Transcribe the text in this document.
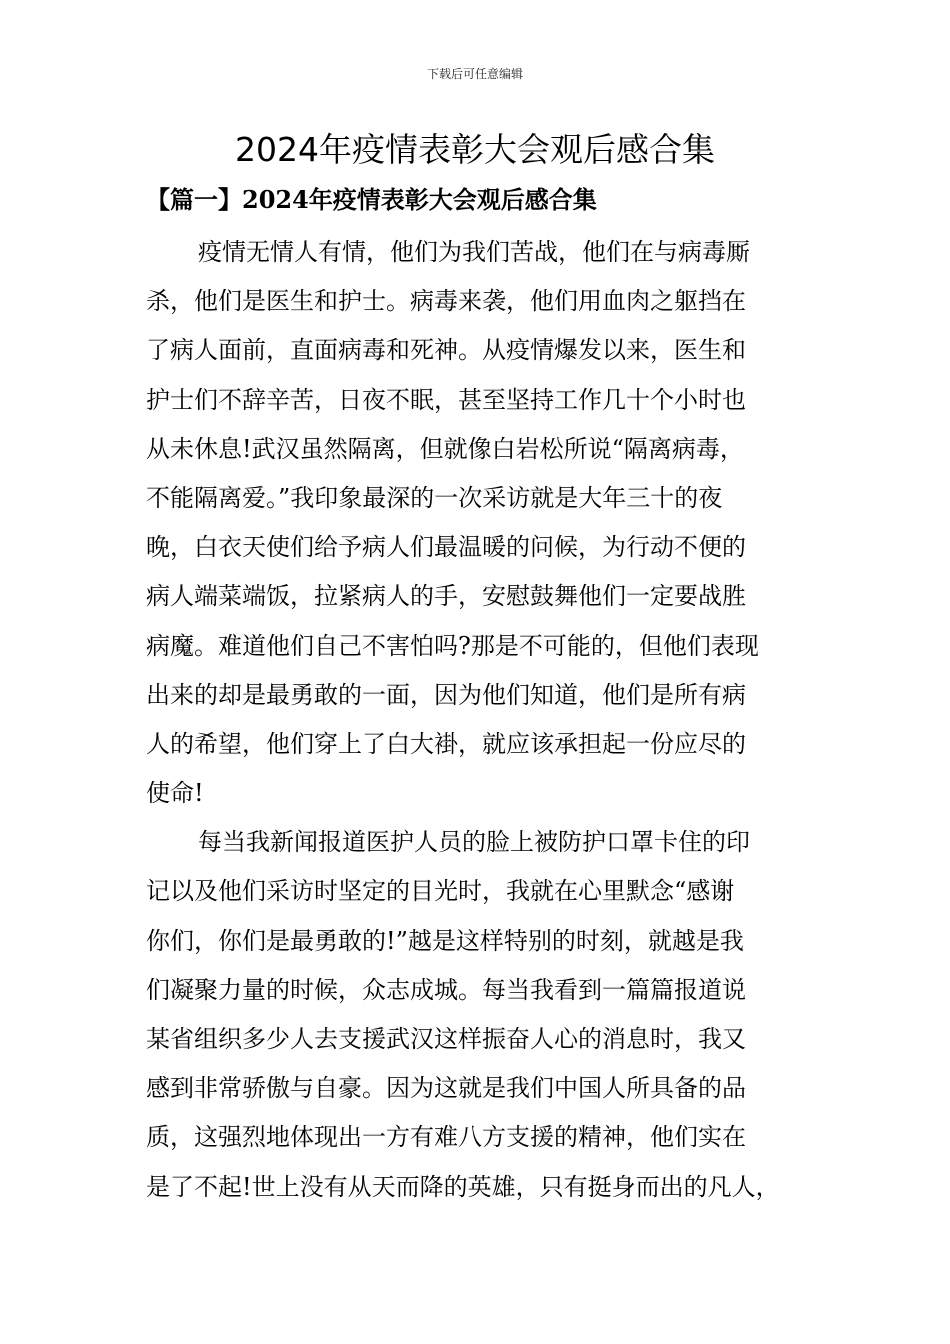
下载后可任意编辑
2024年疫情表彰大会观后感合集
【篇一】2024年疫情表彰大会观后感合集
疫情无情人有情，他们为我们苦战，他们在与病毒厮
杀，他们是医生和护士。病毒来袭，他们用血肉之躯挡在
了病人面前，直面病毒和死神。从疫情爆发以来，医生和
护士们不辞辛苦，日夜不眠，甚至坚持工作几十个小时也
从未休息!武汉虽然隔离，但就像白岩松所说“隔离病毒，
不能隔离爱。”我印象最深的一次采访就是大年三十的夜
晚，白衣天使们给予病人们最温暖的问候，为行动不便的
病人端菜端饭，拉紧病人的手，安慰鼓舞他们一定要战胜
病魔。难道他们自己不害怕吗?那是不可能的，但他们表现
出来的却是最勇敢的一面，因为他们知道，他们是所有病
人的希望，他们穿上了白大褂，就应该承担起一份应尽的
使命!
每当我新闻报道医护人员的脸上被防护口罩卡住的印
记以及他们采访时坚定的目光时，我就在心里默念“感谢
你们，你们是最勇敢的!”越是这样特别的时刻，就越是我
们凝聚力量的时候，众志成城。每当我看到一篇篇报道说
某省组织多少人去支援武汉这样振奋人心的消息时，我又
感到非常骄傲与自豪。因为这就是我们中国人所具备的品
质，这强烈地体现出一方有难八方支援的精神，他们实在
是了不起!世上没有从天而降的英雄，只有挺身而出的凡人，
